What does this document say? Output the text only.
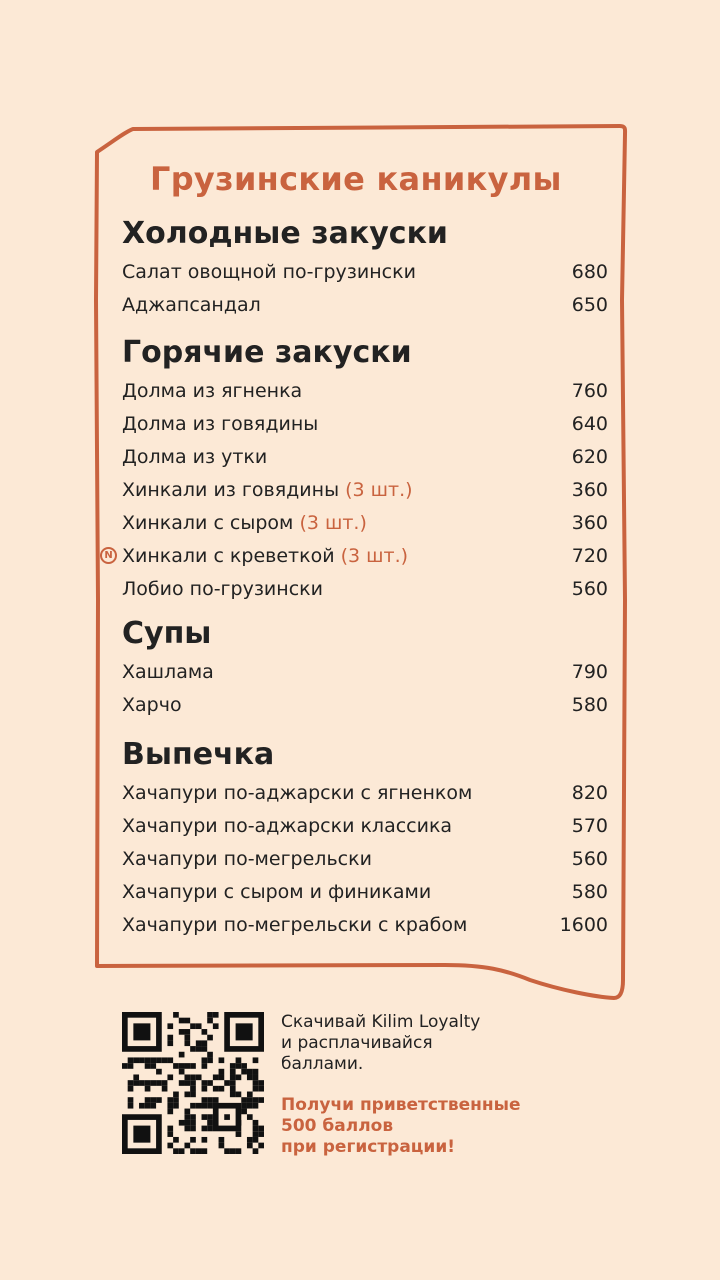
Грузинские каникулы
Холодные закуски
Салат овощной по-грузински	680
Аджапсандал	650
Горячие закуски
Долма из ягненка	760
Долма из говядины	640
Долма из утки	620
Хинкали из говядины (3 шт.)	360
Хинкали с сыром (3 шт.)	360
N Хинкали с креветкой (3 шт.)	720
Лобио по-грузински	560
Супы
Хашлама	790
Харчо	580
Выпечка
Хачапури по-аджарски с ягненком	820
Хачапури по-аджарски классика	570
Хачапури по-мегрельски	560
Хачапури с сыром и финиками	580
Хачапури по-мегрельски с крабом	1600
Скачивай Kilim Loyalty
и расплачивайся
баллами.
Получи приветственные
500 баллов
при регистрации!
